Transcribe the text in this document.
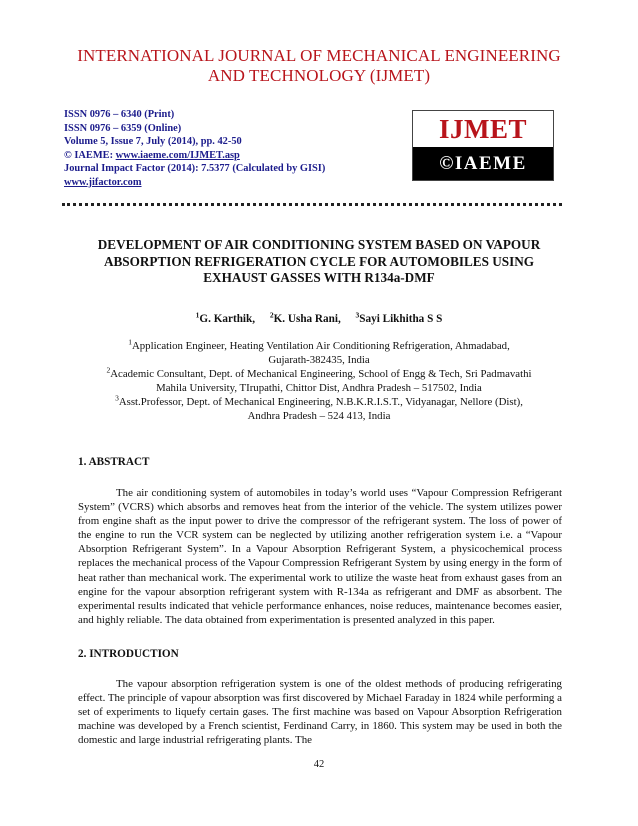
INTERNATIONAL JOURNAL OF MECHANICAL ENGINEERING
AND TECHNOLOGY (IJMET)
ISSN 0976 – 6340 (Print)
ISSN 0976 – 6359 (Online)
Volume 5, Issue 7, July (2014), pp. 42-50
© IAEME: www.iaeme.com/IJMET.asp
Journal Impact Factor (2014): 7.5377 (Calculated by GISI)
www.jifactor.com
IJMET
©IAEME
DEVELOPMENT OF AIR CONDITIONING SYSTEM BASED ON VAPOUR
ABSORPTION REFRIGERATION CYCLE FOR AUTOMOBILES USING
EXHAUST GASSES WITH R134a-DMF
$^1$G. Karthik, $^2$K. Usha Rani, $^3$Sayi Likhitha S S
$^1$Application Engineer, Heating Ventilation Air Conditioning Refrigeration, Ahmadabad,
Gujarath-382435, India
$^2$Academic Consultant, Dept. of Mechanical Engineering, School of Engg & Tech, Sri Padmavathi
Mahila University, TIrupathi, Chittor Dist, Andhra Pradesh – 517502, India
$^3$Asst.Professor, Dept. of Mechanical Engineering, N.B.K.R.I.S.T., Vidyanagar, Nellore (Dist),
Andhra Pradesh – 524 413, India
1. ABSTRACT

The air conditioning system of automobiles in today’s world uses “Vapour Compression Refrigerant System” (VCRS) which absorbs and removes heat from the interior of the vehicle. The system utilizes power from engine shaft as the input power to drive the compressor of the refrigerant system. The loss of power of the engine to run the VCR system can be neglected by utilizing another refrigeration system i.e. a “Vapour Absorption Refrigerant System”. In a Vapour Absorption Refrigerant System, a physicochemical process replaces the mechanical process of the Vapour Compression Refrigerant System by using energy in the form of heat rather than mechanical work. The experimental work to utilize the waste heat from exhaust gases from an engine for the vapour absorption refrigerant system with R-134a as refrigerant and DMF as absorbent. The experimental results indicated that vehicle performance enhances, noise reduces, maintenance becomes easier, and highly reliable. The data obtained from experimentation is presented analyzed in this paper.

2. INTRODUCTION

The vapour absorption refrigeration system is one of the oldest methods of producing refrigerating effect. The principle of vapour absorption was first discovered by Michael Faraday in 1824 while performing a set of experiments to liquefy certain gases. The first machine was based on Vapour Absorption Refrigeration machine was developed by a French scientist, Ferdinand Carry, in 1860. This system may be used in both the domestic and large industrial refrigerating plants. The

42
